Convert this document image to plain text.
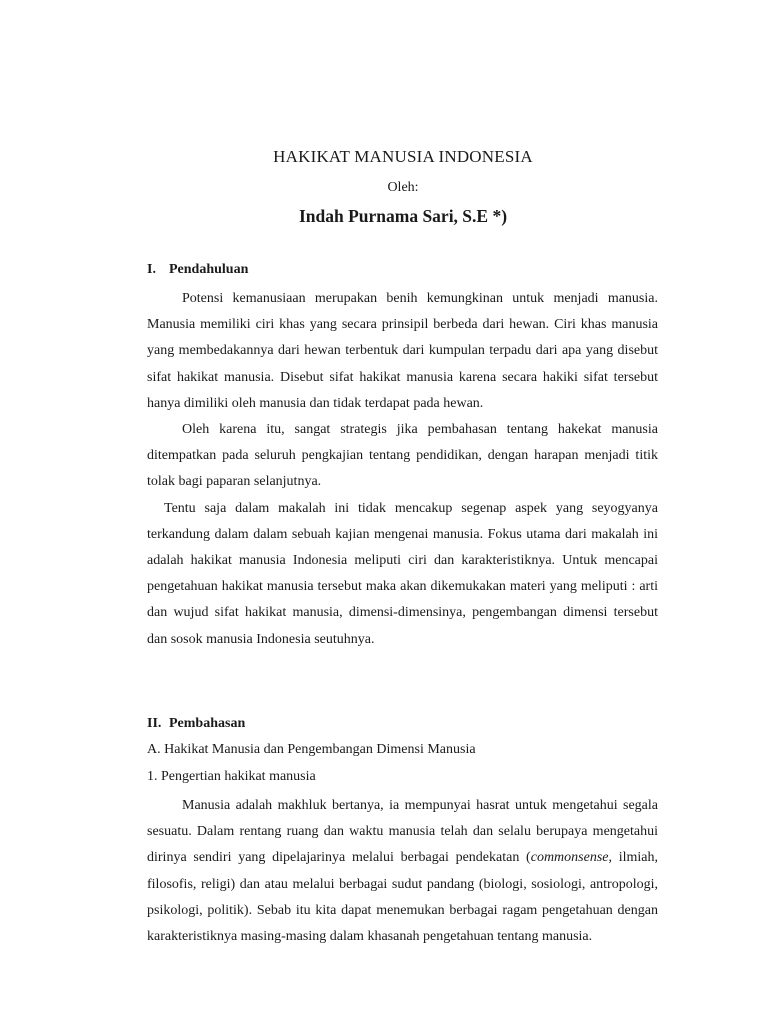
HAKIKAT MANUSIA INDONESIA
Oleh:
Indah Purnama Sari, S.E *)
I. Pendahuluan

Potensi kemanusiaan merupakan benih kemungkinan untuk menjadi manusia. Manusia memiliki ciri khas yang secara prinsipil berbeda dari hewan. Ciri khas manusia yang membedakannya dari hewan terbentuk dari kumpulan terpadu dari apa yang disebut sifat hakikat manusia. Disebut sifat hakikat manusia karena secara hakiki sifat tersebut hanya dimiliki oleh manusia dan tidak terdapat pada hewan.

Oleh karena itu, sangat strategis jika pembahasan tentang hakekat manusia ditempatkan pada seluruh pengkajian tentang pendidikan, dengan harapan menjadi titik tolak bagi paparan selanjutnya.

Tentu saja dalam makalah ini tidak mencakup segenap aspek yang seyogyanya terkandung dalam dalam sebuah kajian mengenai manusia. Fokus utama dari makalah ini adalah hakikat manusia Indonesia meliputi ciri dan karakteristiknya. Untuk mencapai pengetahuan hakikat manusia tersebut maka akan dikemukakan materi yang meliputi : arti dan wujud sifat hakikat manusia, dimensi-dimensinya, pengembangan dimensi tersebut dan sosok manusia Indonesia seutuhnya.

II. Pembahasan
A. Hakikat Manusia dan Pengembangan Dimensi Manusia
1. Pengertian hakikat manusia

Manusia adalah makhluk bertanya, ia mempunyai hasrat untuk mengetahui segala sesuatu. Dalam rentang ruang dan waktu manusia telah dan selalu berupaya mengetahui dirinya sendiri yang dipelajarinya melalui berbagai pendekatan (commonsense, ilmiah, filosofis, religi) dan atau melalui berbagai sudut pandang (biologi, sosiologi, antropologi, psikologi, politik). Sebab itu kita dapat menemukan berbagai ragam pengetahuan dengan karakteristiknya masing-masing dalam khasanah pengetahuan tentang manusia.
